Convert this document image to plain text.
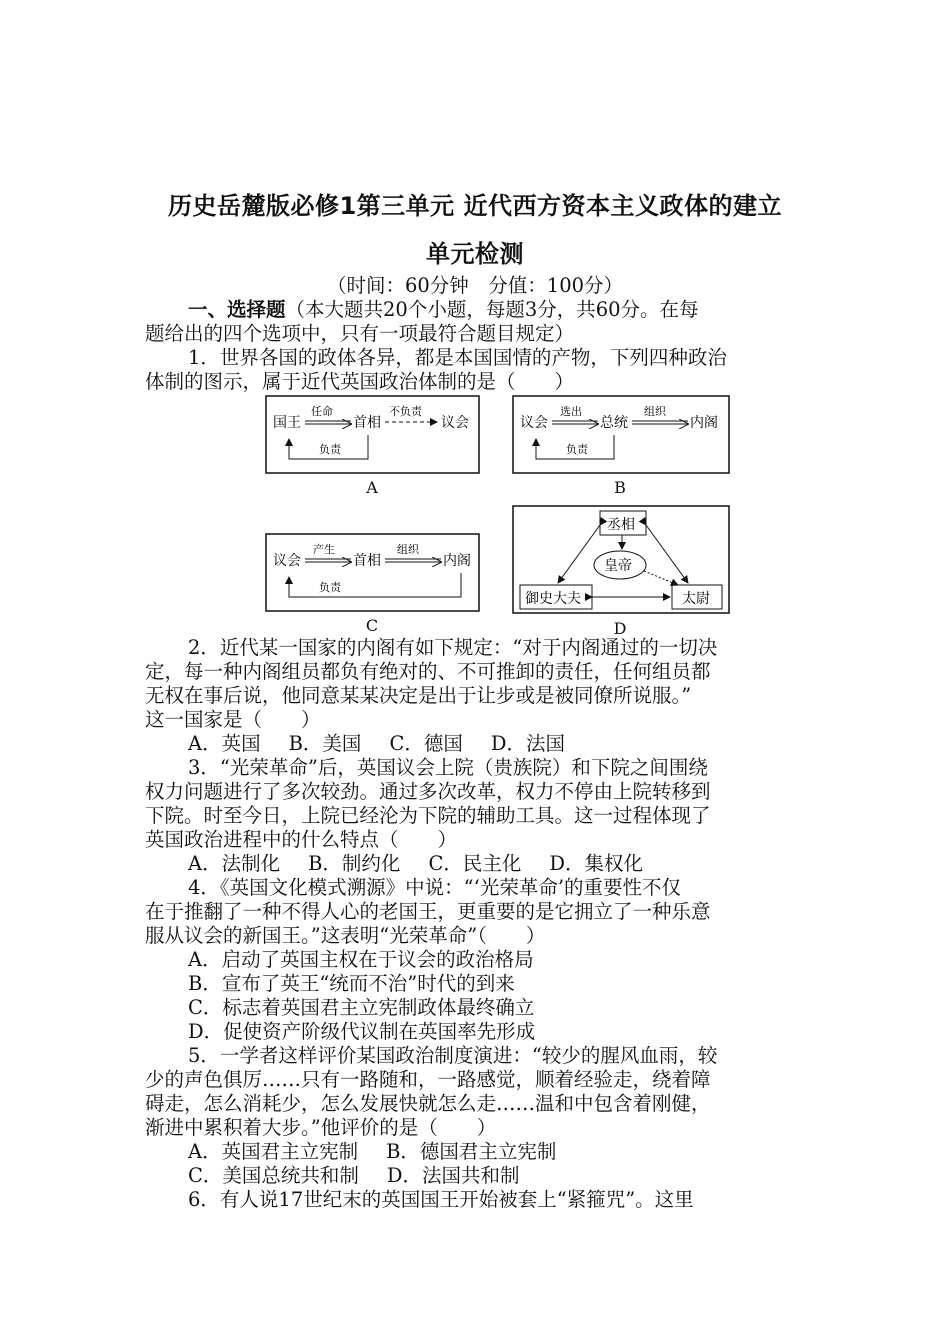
历史岳麓版必修1第三单元 近代西方资本主义政体的建立
单元检测
（时间：60分钟　分值：100分）
一、选择题（本大题共20个小题，每题3分，共60分。在每
题给出的四个选项中，只有一项最符合题目规定）
1．世界各国的政体各异，都是本国国情的产物，下列四种政治
体制的图示，属于近代英国政治体制的是（　　）
国王
任命
首相
不负责
议会
负责
A
议会
选出
总统
组织
内阁
负责
B
议会
产生
首相
组织
内阁
负责
C
丞相
皇帝
御史大夫	太尉
D
2．近代某一国家的内阁有如下规定：“对于内阁通过的一切决
定，每一种内阁组员都负有绝对的、不可推卸的责任，任何组员都
无权在事后说，他同意某某决定是出于让步或是被同僚所说服。”
这一国家是（　　）
A．英国 B．美国 C．德国 D．法国
3．“光荣革命”后，英国议会上院（贵族院）和下院之间围绕
权力问题进行了多次较劲。通过多次改革，权力不停由上院转移到
下院。时至今日，上院已经沦为下院的辅助工具。这一过程体现了
英国政治进程中的什么特点（　　）
A．法制化 B．制约化 C．民主化 D．集权化
4．《英国文化模式溯源》中说：“‘光荣革命’的重要性不仅
在于推翻了一种不得人心的老国王，更重要的是它拥立了一种乐意
服从议会的新国王。”这表明“光荣革命”（　　）
A．启动了英国主权在于议会的政治格局
B．宣布了英王“统而不治”时代的到来
C．标志着英国君主立宪制政体最终确立
D．促使资产阶级代议制在英国率先形成
5．一学者这样评价某国政治制度演进：“较少的腥风血雨，较
少的声色俱厉……只有一路随和，一路感觉，顺着经验走，绕着障
碍走，怎么消耗少，怎么发展快就怎么走……温和中包含着刚健，
渐进中累积着大步。”他评价的是（　　）
A．英国君主立宪制 B．德国君主立宪制
C．美国总统共和制 D．法国共和制
6．有人说17世纪末的英国国王开始被套上“紧箍咒”。这里
